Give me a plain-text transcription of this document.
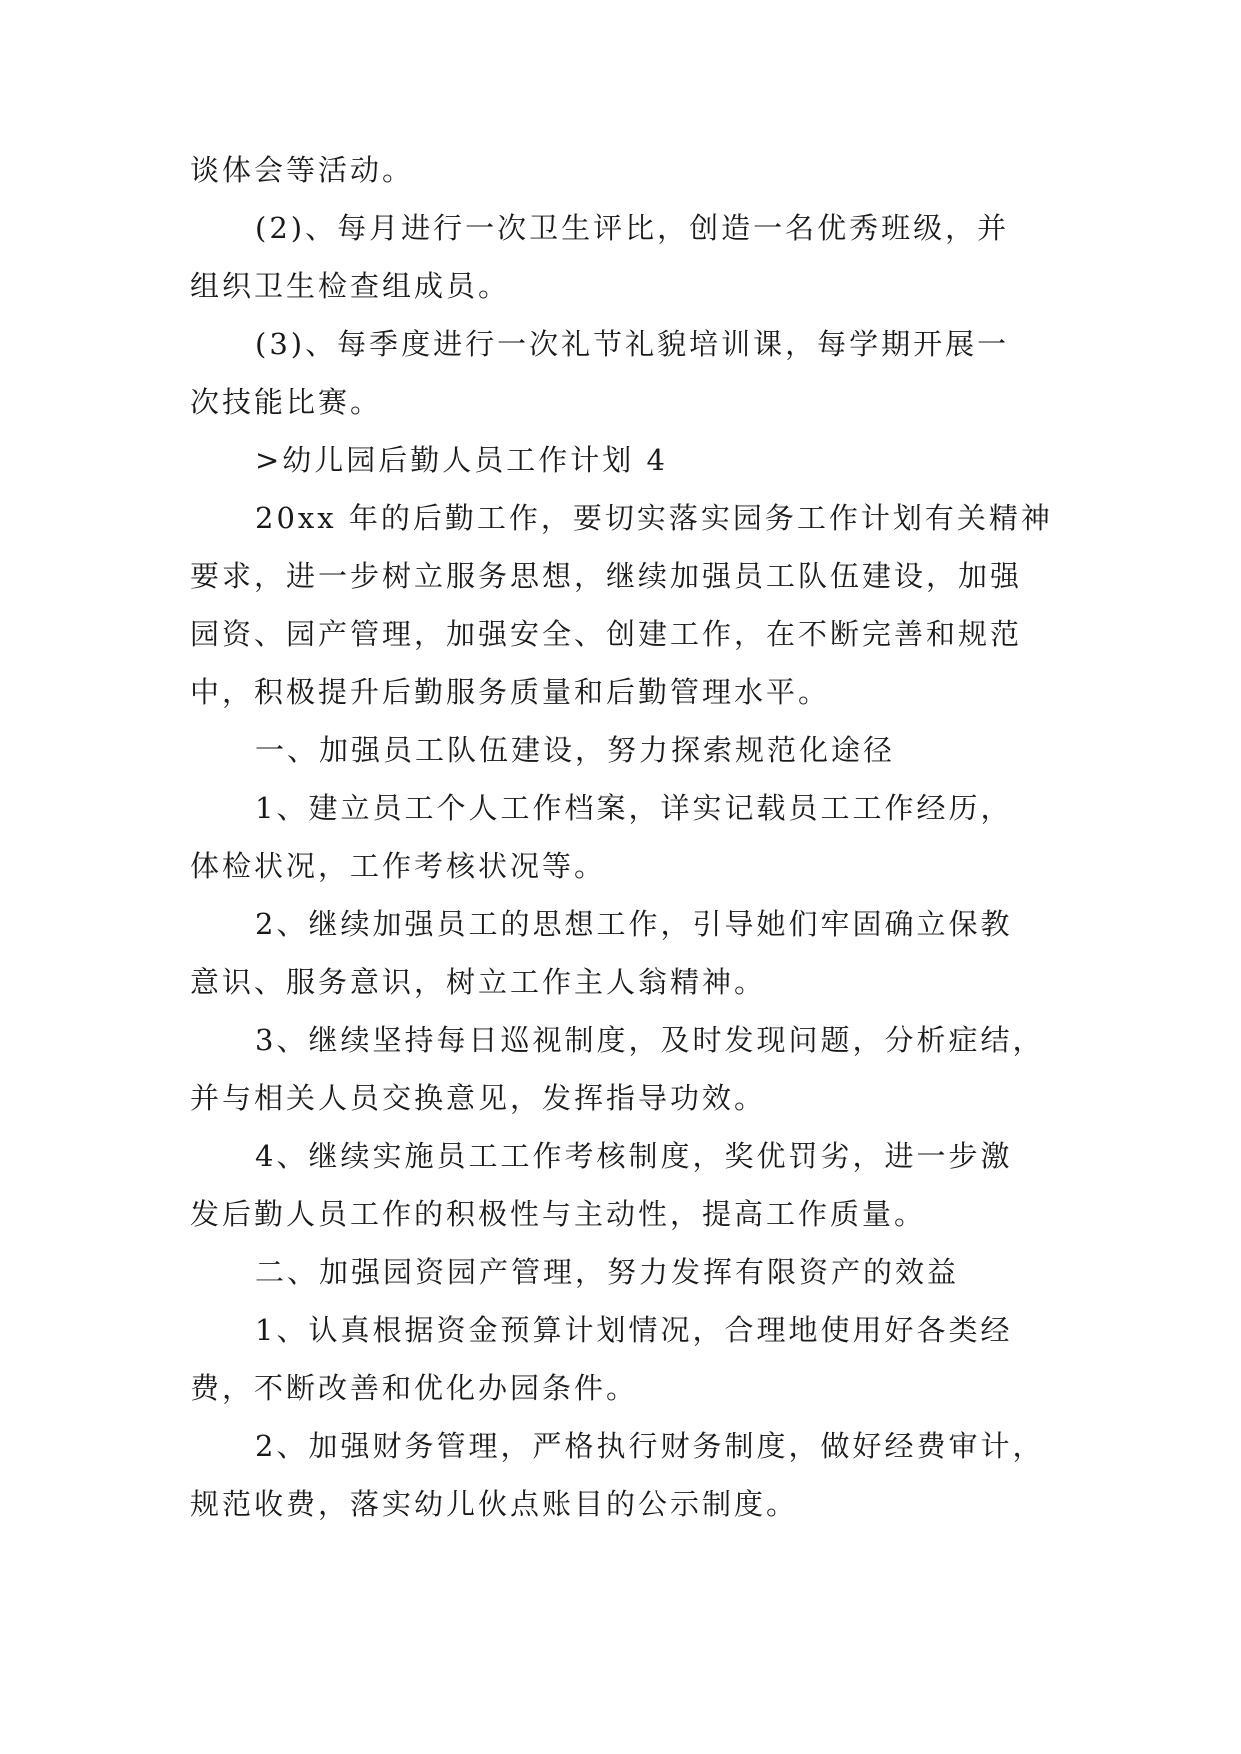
谈体会等活动。
(2)、每月进行一次卫生评比，创造一名优秀班级，并
组织卫生检查组成员。
(3)、每季度进行一次礼节礼貌培训课，每学期开展一
次技能比赛。
>幼儿园后勤人员工作计划 4
20xx 年的后勤工作，要切实落实园务工作计划有关精神
要求，进一步树立服务思想，继续加强员工队伍建设，加强
园资、园产管理，加强安全、创建工作，在不断完善和规范
中，积极提升后勤服务质量和后勤管理水平。
一、加强员工队伍建设，努力探索规范化途径
1、建立员工个人工作档案，详实记载员工工作经历，
体检状况，工作考核状况等。
2、继续加强员工的思想工作，引导她们牢固确立保教
意识、服务意识，树立工作主人翁精神。
3、继续坚持每日巡视制度，及时发现问题，分析症结，
并与相关人员交换意见，发挥指导功效。
4、继续实施员工工作考核制度，奖优罚劣，进一步激
发后勤人员工作的积极性与主动性，提高工作质量。
二、加强园资园产管理，努力发挥有限资产的效益
1、认真根据资金预算计划情况，合理地使用好各类经
费，不断改善和优化办园条件。
2、加强财务管理，严格执行财务制度，做好经费审计，
规范收费，落实幼儿伙点账目的公示制度。
